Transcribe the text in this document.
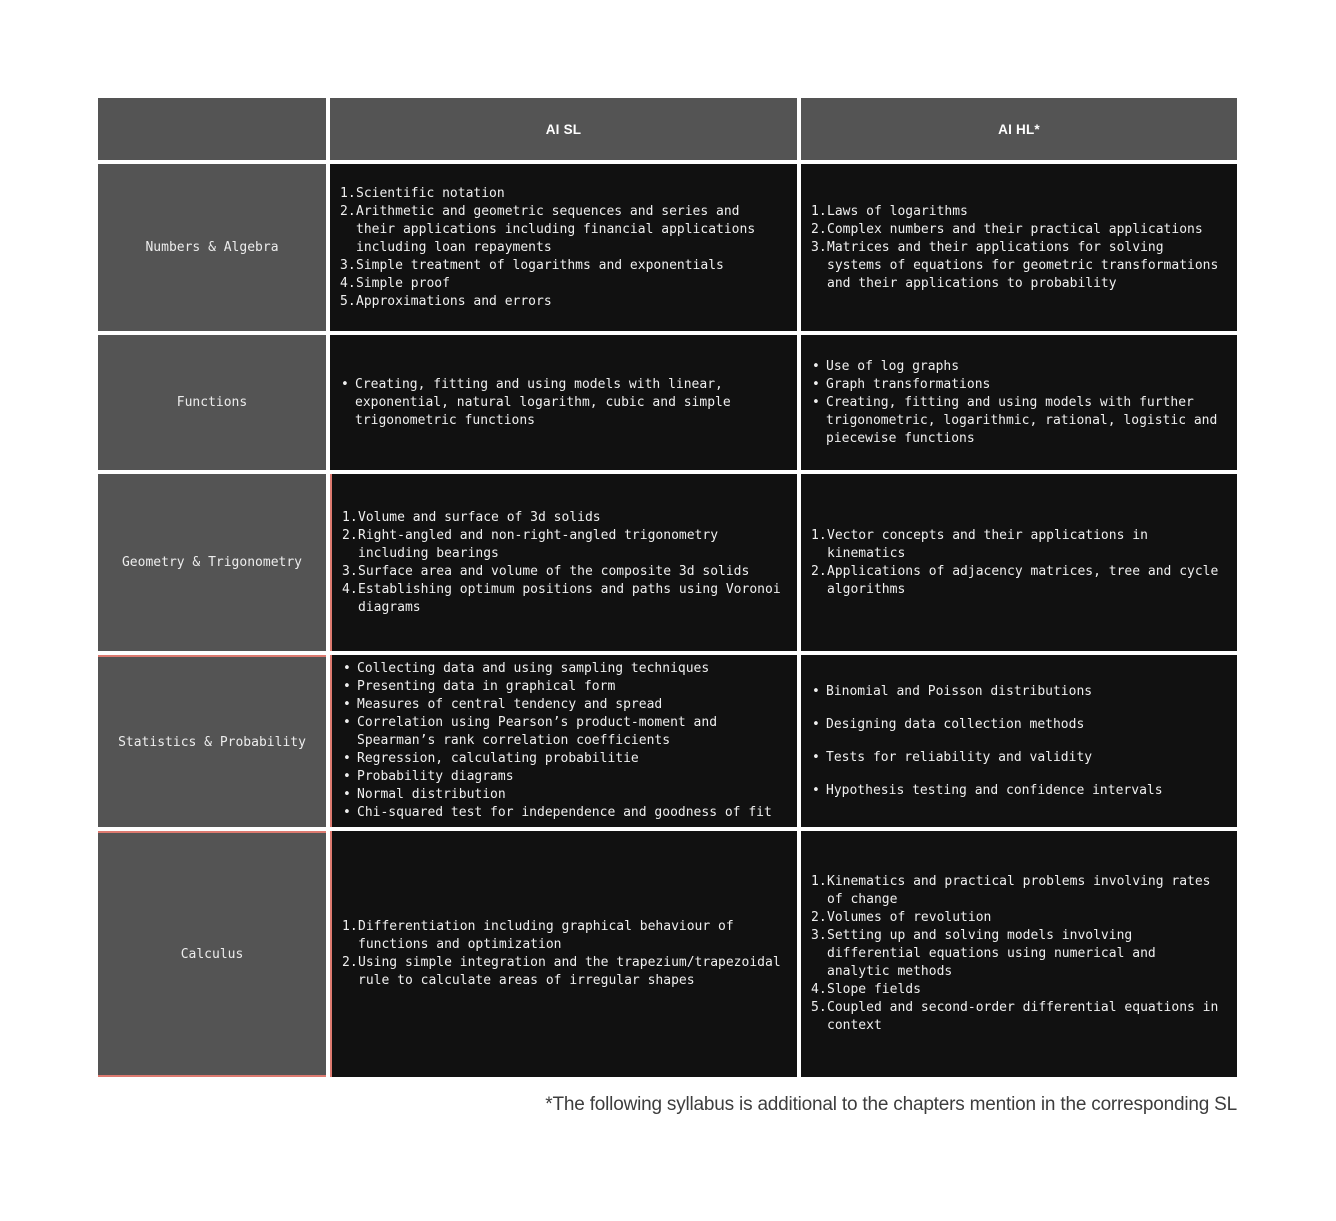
AI SL	AI HL*
Numbers & Algebra
1. Scientific notation
2. Arithmetic and geometric sequences and series and their applications including financial applications including loan repayments
3. Simple treatment of logarithms and exponentials
4. Simple proof
5. Approximations and errors
1. Laws of logarithms
2. Complex numbers and their practical applications
3. Matrices and their applications for solving systems of equations for geometric transformations and their applications to probability
Functions
• Creating, fitting and using models with linear, exponential, natural logarithm, cubic and simple trigonometric functions
• Use of log graphs
• Graph transformations
• Creating, fitting and using models with further trigonometric, logarithmic, rational, logistic and piecewise functions
Geometry & Trigonometry
1. Volume and surface of 3d solids
2. Right-angled and non-right-angled trigonometry including bearings
3. Surface area and volume of the composite 3d solids
4. Establishing optimum positions and paths using Voronoi diagrams
1. Vector concepts and their applications in kinematics
2. Applications of adjacency matrices, tree and cycle algorithms
Statistics & Probability
• Collecting data and using sampling techniques
• Presenting data in graphical form
• Measures of central tendency and spread
• Correlation using Pearson’s product-moment and Spearman’s rank correlation coefficients
• Regression, calculating probabilitie
• Probability diagrams
• Normal distribution
• Chi-squared test for independence and goodness of fit
• Binomial and Poisson distributions
• Designing data collection methods
• Tests for reliability and validity
• Hypothesis testing and confidence intervals
Calculus
1. Differentiation including graphical behaviour of functions and optimization
2. Using simple integration and the trapezium/trapezoidal rule to calculate areas of irregular shapes
1. Kinematics and practical problems involving rates of change
2. Volumes of revolution
3. Setting up and solving models involving differential equations using numerical and analytic methods
4. Slope fields
5. Coupled and second-order differential equations in context
*The following syllabus is additional to the chapters mention in the corresponding SL
